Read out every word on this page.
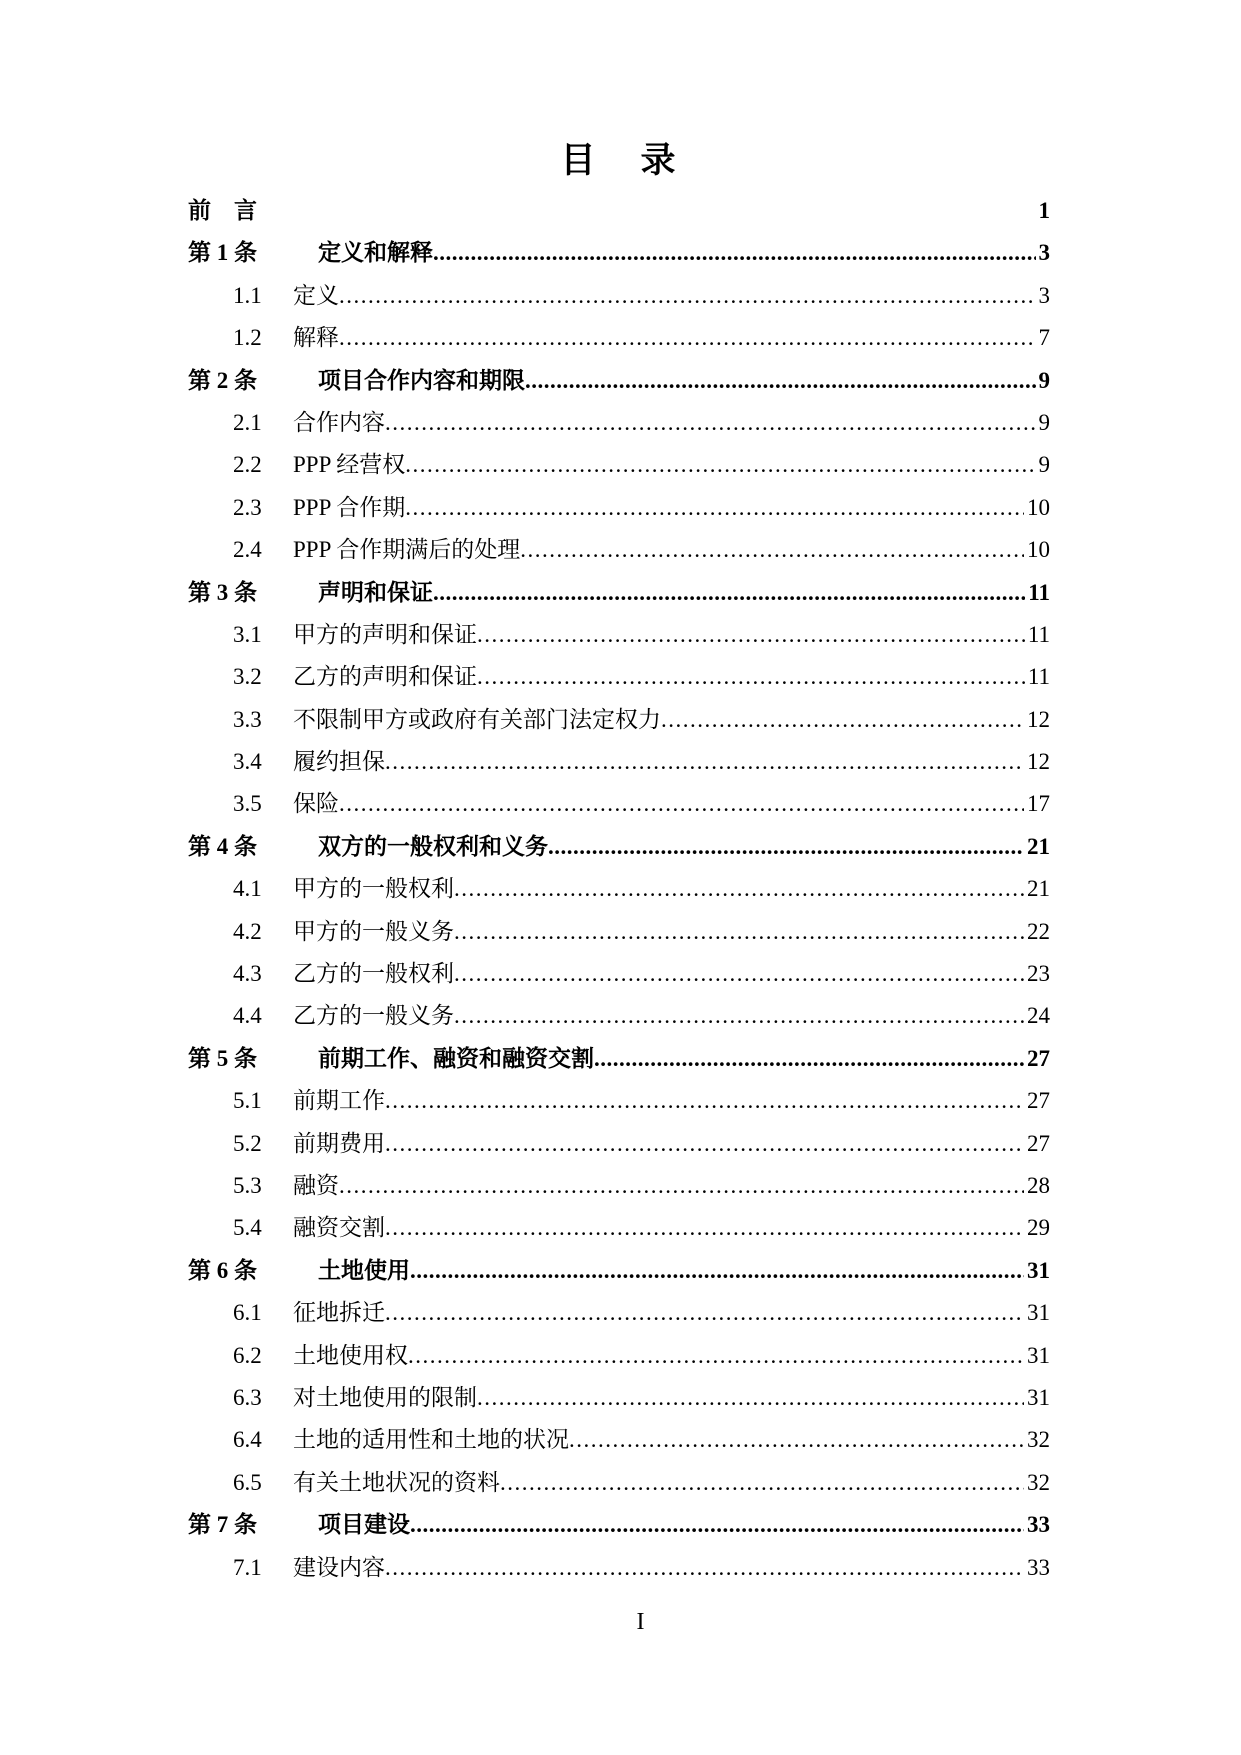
目　录
前　言	1
第 1 条	定义和解释 .....	3
1.1	定义 .....	3
1.2	解释 .....	7
第 2 条	项目合作内容和期限 .....	9
2.1	合作内容 .....	9
2.2	PPP 经营权 .....	9
2.3	PPP 合作期 .....	10
2.4	PPP 合作期满后的处理 .....	10
第 3 条	声明和保证 .....	11
3.1	甲方的声明和保证 .....	11
3.2	乙方的声明和保证 .....	11
3.3	不限制甲方或政府有关部门法定权力 .....	12
3.4	履约担保 .....	12
3.5	保险 .....	17
第 4 条	双方的一般权利和义务 .....	21
4.1	甲方的一般权利 .....	21
4.2	甲方的一般义务 .....	22
4.3	乙方的一般权利 .....	23
4.4	乙方的一般义务 .....	24
第 5 条	前期工作、融资和融资交割 .....	27
5.1	前期工作 .....	27
5.2	前期费用 .....	27
5.3	融资 .....	28
5.4	融资交割 .....	29
第 6 条	土地使用 .....	31
6.1	征地拆迁 .....	31
6.2	土地使用权 .....	31
6.3	对土地使用的限制 .....	31
6.4	土地的适用性和土地的状况 .....	32
6.5	有关土地状况的资料 .....	32
第 7 条	项目建设 .....	33
7.1	建设内容 .....	33
I
